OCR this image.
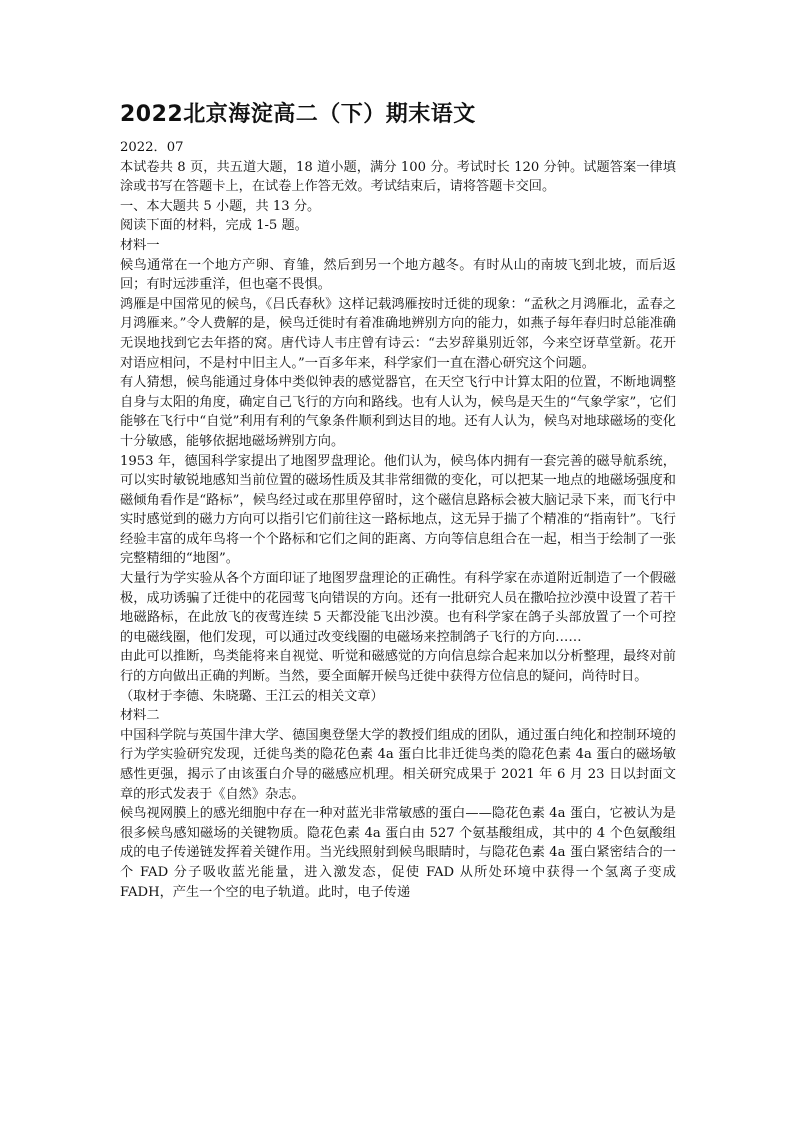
2022北京海淀高二（下）期末语文

2022．07

本试卷共 8 页，共五道大题，18 道小题，满分 100 分。考试时长 120 分钟。试题答案一律填涂或书写在答题卡上，在试卷上作答无效。考试结束后，请将答题卡交回。

一、本大题共 5 小题，共 13 分。

阅读下面的材料，完成 1-5 题。

材料一

候鸟通常在一个地方产卵、育雏，然后到另一个地方越冬。有时从山的南坡飞到北坡，而后返回；有时远涉重洋，但也毫不畏惧。

鸿雁是中国常见的候鸟，《吕氏春秋》这样记载鸿雁按时迁徙的现象：“孟秋之月鸿雁北，孟春之月鸿雁来。”令人费解的是，候鸟迁徙时有着准确地辨别方向的能力，如燕子每年春归时总能准确无误地找到它去年搭的窝。唐代诗人韦庄曾有诗云：“去岁辞巢别近邻，今来空讶草堂新。花开对语应相问，不是村中旧主人。”一百多年来，科学家们一直在潜心研究这个问题。

有人猜想，候鸟能通过身体中类似钟表的感觉器官，在天空飞行中计算太阳的位置，不断地调整自身与太阳的角度，确定自己飞行的方向和路线。也有人认为，候鸟是天生的“气象学家”，它们能够在飞行中“自觉”利用有利的气象条件顺利到达目的地。还有人认为，候鸟对地球磁场的变化十分敏感，能够依据地磁场辨别方向。

1953 年，德国科学家提出了地图罗盘理论。他们认为，候鸟体内拥有一套完善的磁导航系统，可以实时敏锐地感知当前位置的磁场性质及其非常细微的变化，可以把某一地点的地磁场强度和磁倾角看作是“路标”，候鸟经过或在那里停留时，这个磁信息路标会被大脑记录下来，而飞行中实时感觉到的磁力方向可以指引它们前往这一路标地点，这无异于揣了个精准的“指南针”。飞行经验丰富的成年鸟将一个个路标和它们之间的距离、方向等信息组合在一起，相当于绘制了一张完整精细的“地图”。

大量行为学实验从各个方面印证了地图罗盘理论的正确性。有科学家在赤道附近制造了一个假磁极，成功诱骗了迁徙中的花园莺飞向错误的方向。还有一批研究人员在撒哈拉沙漠中设置了若干地磁路标，在此放飞的夜莺连续 5 天都没能飞出沙漠。也有科学家在鸽子头部放置了一个可控的电磁线圈，他们发现，可以通过改变线圈的电磁场来控制鸽子飞行的方向……

由此可以推断，鸟类能将来自视觉、听觉和磁感觉的方向信息综合起来加以分析整理，最终对前行的方向做出正确的判断。当然，要全面解开候鸟迁徙中获得方位信息的疑问，尚待时日。

（取材于李德、朱晓璐、王江云的相关文章）

材料二

中国科学院与英国牛津大学、德国奥登堡大学的教授们组成的团队，通过蛋白纯化和控制环境的行为学实验研究发现，迁徙鸟类的隐花色素 4a 蛋白比非迁徙鸟类的隐花色素 4a 蛋白的磁场敏感性更强，揭示了由该蛋白介导的磁感应机理。相关研究成果于 2021 年 6 月 23 日以封面文章的形式发表于《自然》杂志。

候鸟视网膜上的感光细胞中存在一种对蓝光非常敏感的蛋白——隐花色素 4a 蛋白，它被认为是很多候鸟感知磁场的关键物质。隐花色素 4a 蛋白由 527 个氨基酸组成，其中的 4 个色氨酸组成的电子传递链发挥着关键作用。当光线照射到候鸟眼睛时，与隐花色素 4a 蛋白紧密结合的一个 FAD 分子吸收蓝光能量，进入激发态，促使 FAD 从所处环境中获得一个氢离子变成 FADH，产生一个空的电子轨道。此时，电子传递
